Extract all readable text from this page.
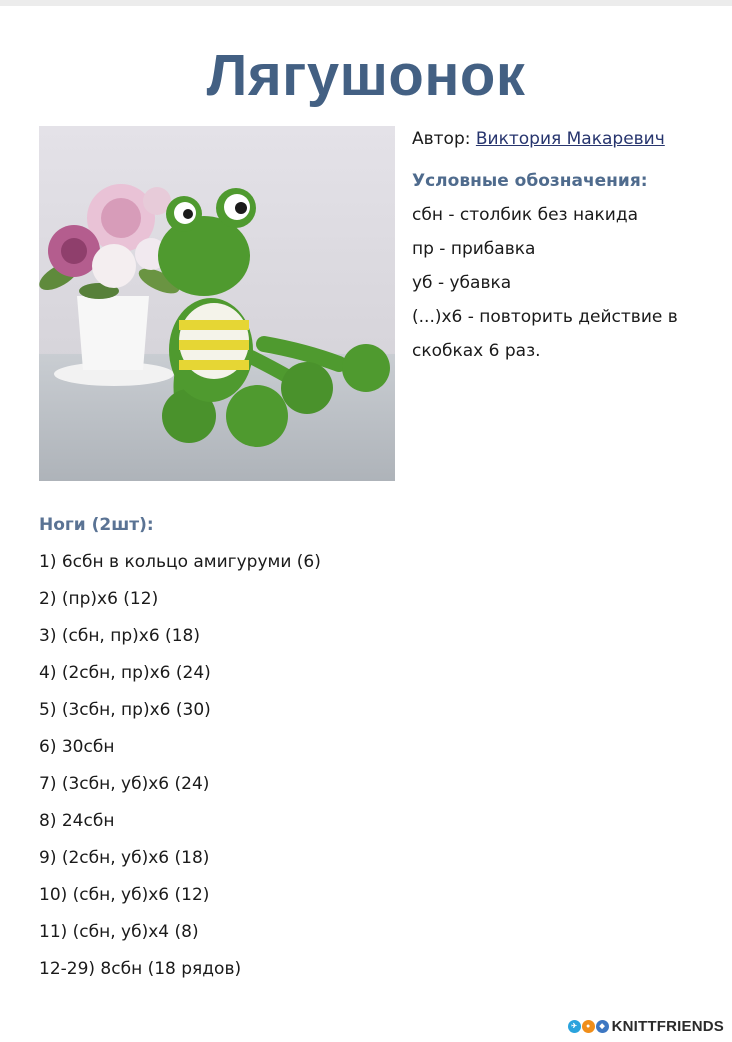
Лягушонок
Автор: Виктория Макаревич
Условные обозначения:
сбн - столбик без накида
пр - прибавка
уб - убавка
(...)х6 - повторить действие в
скобках 6 раз.
Ноги (2шт):
1) 6сбн в кольцо амигуруми (6)
2) (пр)х6 (12)
3) (сбн, пр)х6 (18)
4) (2сбн, пр)х6 (24)
5) (3сбн, пр)х6 (30)
6) 30сбн
7) (3сбн, уб)х6 (24)
8) 24сбн
9) (2сбн, уб)х6 (18)
10) (сбн, уб)х6 (12)
11) (сбн, уб)х4 (8)
12-29) 8сбн (18 рядов)
✈	●	◆ KNITTFRIENDS
